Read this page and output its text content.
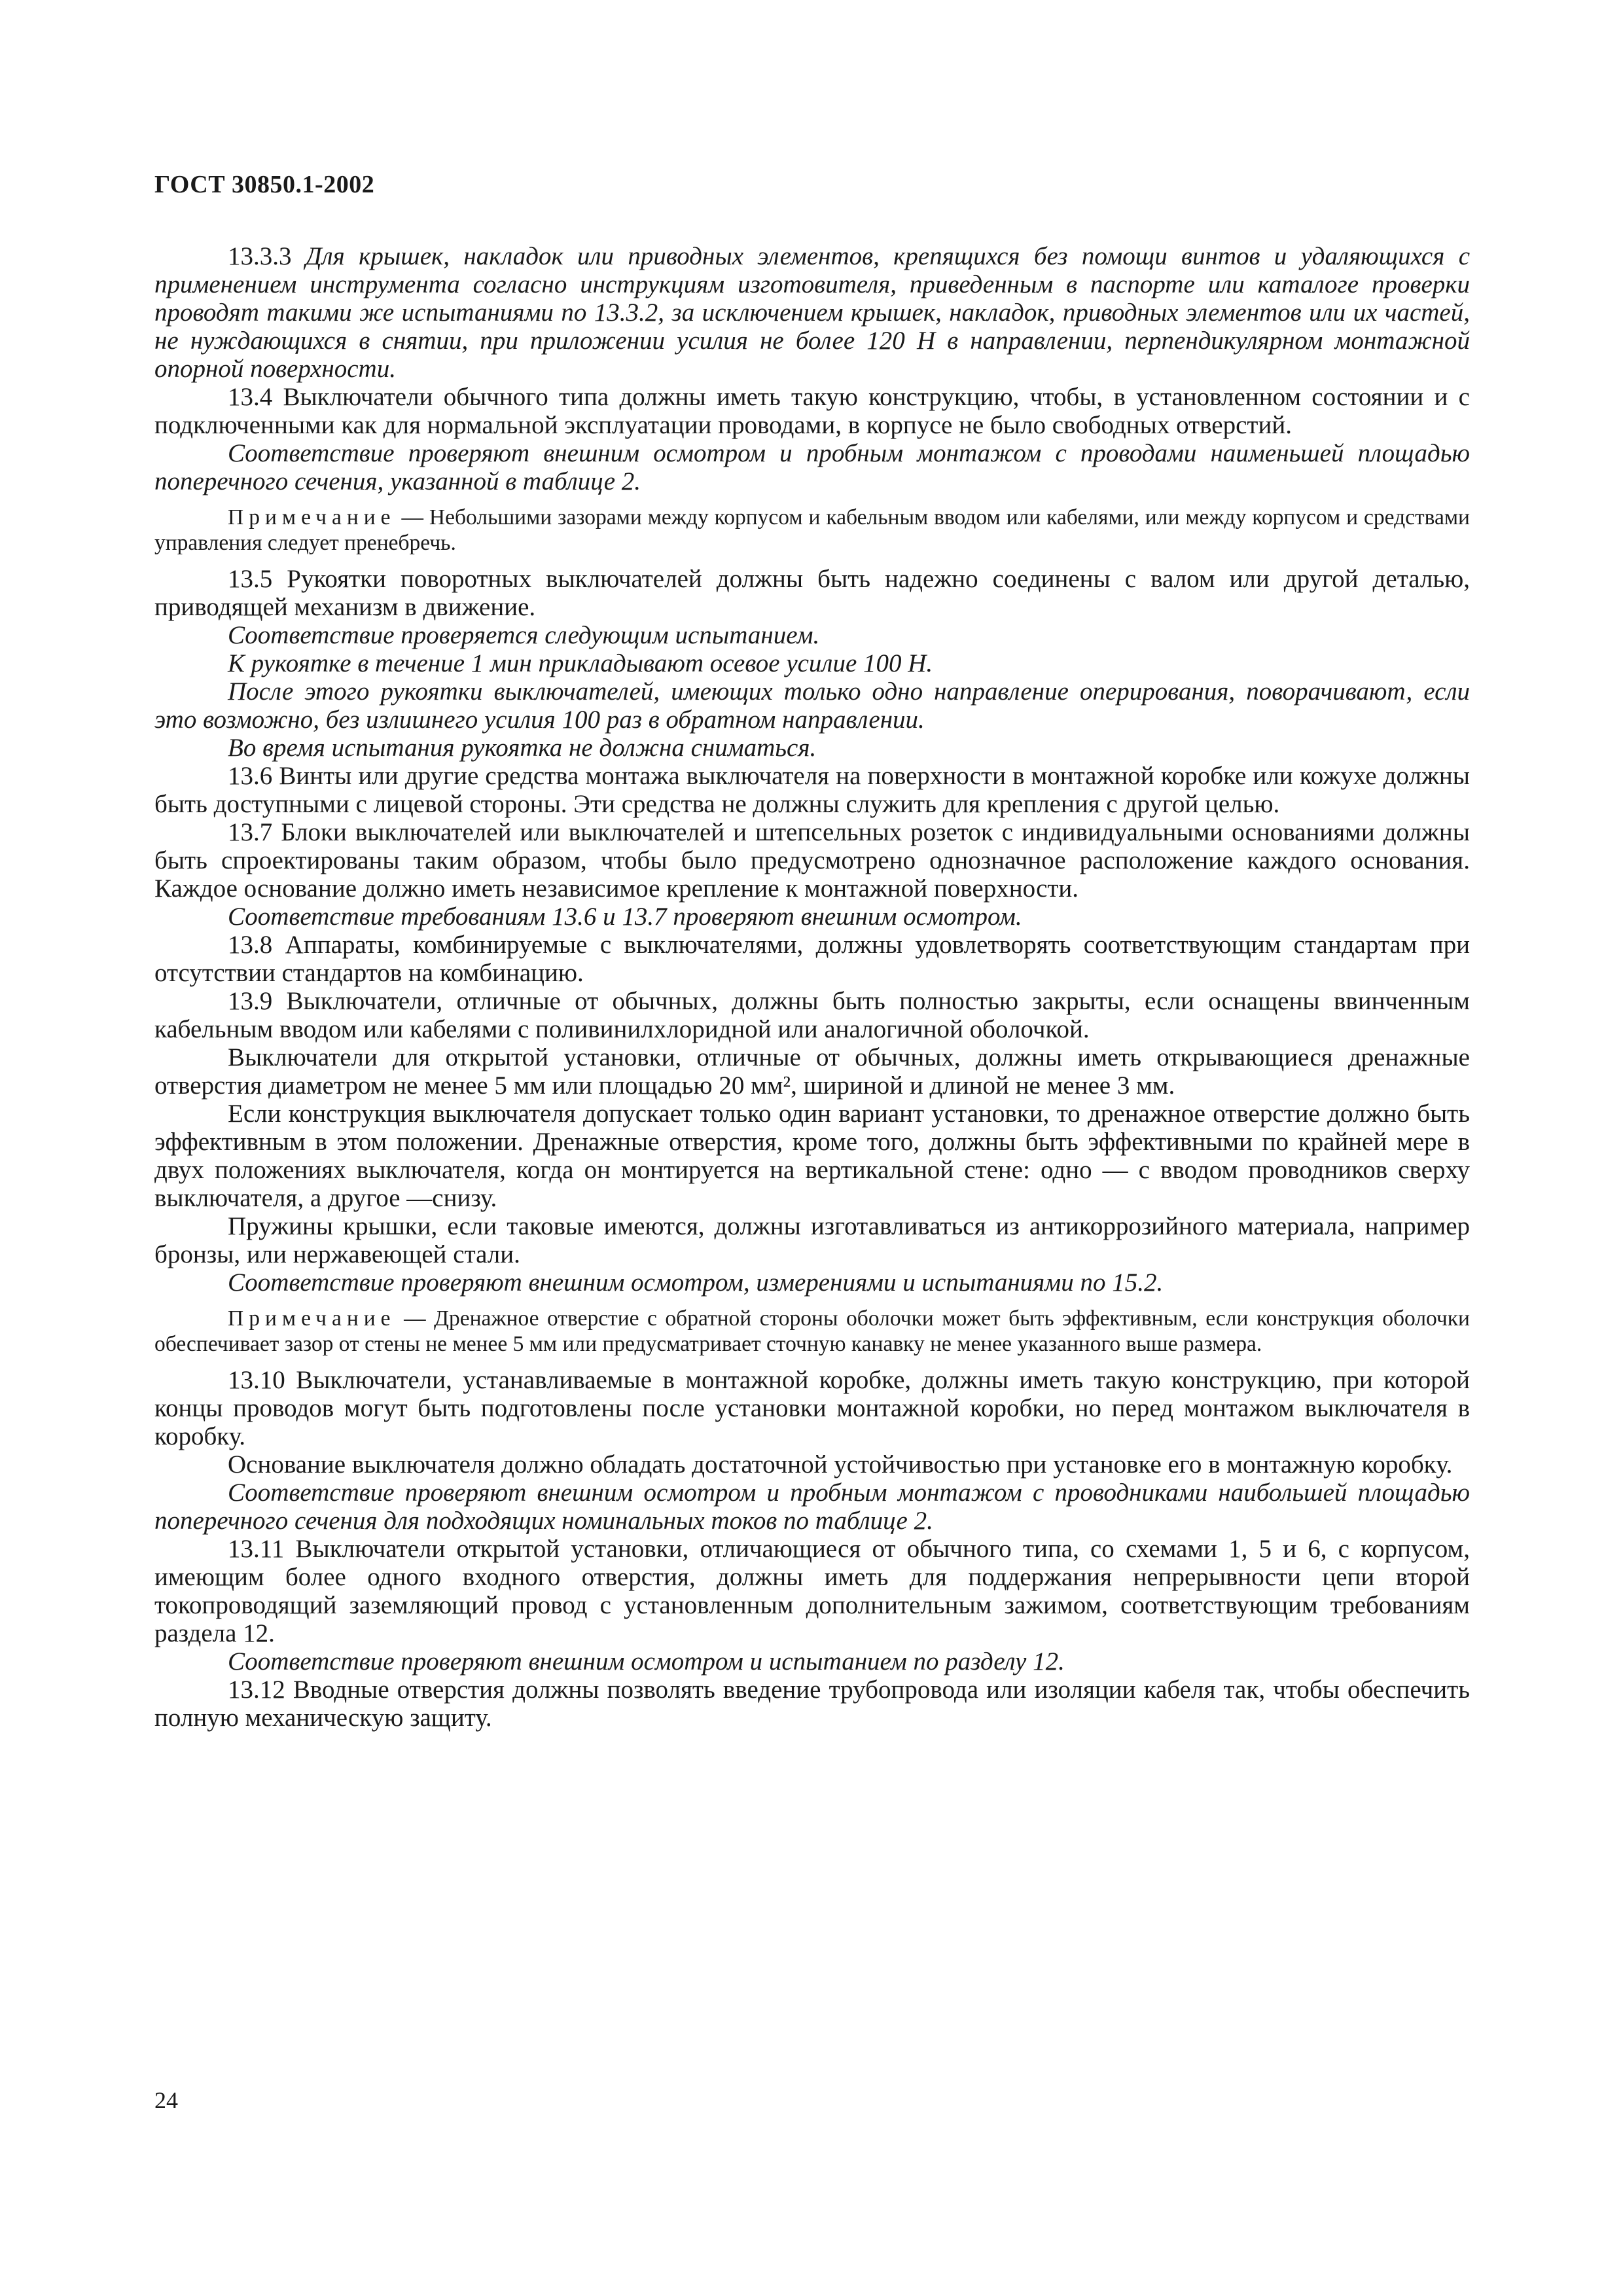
ГОСТ 30850.1-2002

13.3.3 Для крышек, накладок или приводных элементов, крепящихся без помощи винтов и удаляющихся с применением инструмента согласно инструкциям изготовителя, приведенным в паспорте или каталоге проверки проводят такими же испытаниями по 13.3.2, за исключением крышек, накладок, приводных элементов или их частей, не нуждающихся в снятии, при приложении усилия не более 120 Н в направлении, перпендикулярном монтажной опорной поверхности.

13.4 Выключатели обычного типа должны иметь такую конструкцию, чтобы, в установленном состоянии и с подключенными как для нормальной эксплуатации проводами, в корпусе не было свободных отверстий.

Соответствие проверяют внешним осмотром и пробным монтажом с проводами наименьшей площадью поперечного сечения, указанной в таблице 2.

Примечание — Небольшими зазорами между корпусом и кабельным вводом или кабелями, или между корпусом и средствами управления следует пренебречь.

13.5 Рукоятки поворотных выключателей должны быть надежно соединены с валом или другой деталью, приводящей механизм в движение.

Соответствие проверяется следующим испытанием.

К рукоятке в течение 1 мин прикладывают осевое усилие 100 Н.

После этого рукоятки выключателей, имеющих только одно направление оперирования, поворачивают, если это возможно, без излишнего усилия 100 раз в обратном направлении.

Во время испытания рукоятка не должна сниматься.

13.6 Винты или другие средства монтажа выключателя на поверхности в монтажной коробке или кожухе должны быть доступными с лицевой стороны. Эти средства не должны служить для крепления с другой целью.

13.7 Блоки выключателей или выключателей и штепсельных розеток с индивидуальными основаниями должны быть спроектированы таким образом, чтобы было предусмотрено однозначное расположение каждого основания. Каждое основание должно иметь независимое крепление к монтажной поверхности.

Соответствие требованиям 13.6 и 13.7 проверяют внешним осмотром.

13.8 Аппараты, комбинируемые с выключателями, должны удовлетворять соответствующим стандартам при отсутствии стандартов на комбинацию.

13.9 Выключатели, отличные от обычных, должны быть полностью закрыты, если оснащены ввинченным кабельным вводом или кабелями с поливинилхлоридной или аналогичной оболочкой.

Выключатели для открытой установки, отличные от обычных, должны иметь открывающиеся дренажные отверстия диаметром не менее 5 мм или площадью 20 мм², шириной и длиной не менее 3 мм.

Если конструкция выключателя допускает только один вариант установки, то дренажное отверстие должно быть эффективным в этом положении. Дренажные отверстия, кроме того, должны быть эффективными по крайней мере в двух положениях выключателя, когда он монтируется на вертикальной стене: одно — с вводом проводников сверху выключателя, а другое —снизу.

Пружины крышки, если таковые имеются, должны изготавливаться из антикоррозийного материала, например бронзы, или нержавеющей стали.

Соответствие проверяют внешним осмотром, измерениями и испытаниями по 15.2.

Примечание — Дренажное отверстие с обратной стороны оболочки может быть эффективным, если конструкция оболочки обеспечивает зазор от стены не менее 5 мм или предусматривает сточную канавку не менее указанного выше размера.

13.10 Выключатели, устанавливаемые в монтажной коробке, должны иметь такую конструкцию, при которой концы проводов могут быть подготовлены после установки монтажной коробки, но перед монтажом выключателя в коробку.

Основание выключателя должно обладать достаточной устойчивостью при установке его в монтажную коробку.

Соответствие проверяют внешним осмотром и пробным монтажом с проводниками наибольшей площадью поперечного сечения для подходящих номинальных токов по таблице 2.

13.11 Выключатели открытой установки, отличающиеся от обычного типа, со схемами 1, 5 и 6, с корпусом, имеющим более одного входного отверстия, должны иметь для поддержания непрерывности цепи второй токопроводящий заземляющий провод с установленным дополнительным зажимом, соответствующим требованиям раздела 12.

Соответствие проверяют внешним осмотром и испытанием по разделу 12.

13.12 Вводные отверстия должны позволять введение трубопровода или изоляции кабеля так, чтобы обеспечить полную механическую защиту.

24
